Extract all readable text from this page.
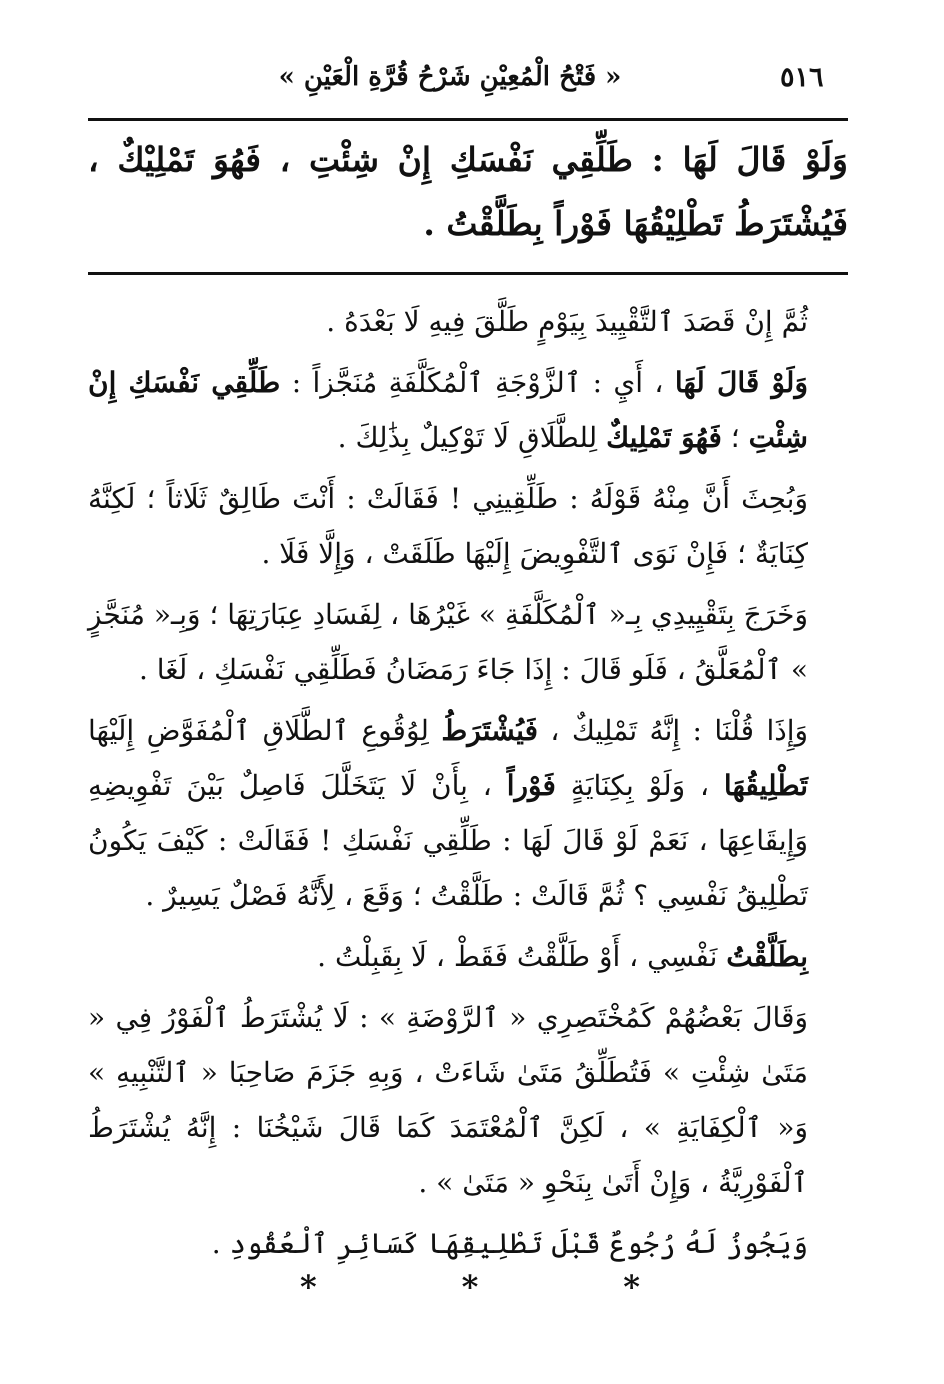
٥١٦
« فَتْحُ الْمُعِيْنِ شَرْحُ قُرَّةِ الْعَيْنِ »
وَلَوْ قَالَ لَهَا : طَلِّقِي نَفْسَكِ إِنْ شِئْتِ ، فَهُوَ تَمْلِيْكٌ ، فَيُشْتَرَطُ تَطْلِيْقُهَا فَوْراً بِطَلَّقْتُ .

ثُمَّ إِنْ قَصَدَ ٱلتَّقْيِيدَ بِيَوْمٍ طَلَّقَ فِيهِ لَا بَعْدَهُ .

وَلَوْ قَالَ لَهَا ، أَيِ : ٱلزَّوْجَةِ ٱلْمُكَلَّفَةِ مُنَجَّزاً : طَلِّقِي نَفْسَكِ إِنْ شِئْتِ ؛ فَهُوَ تَمْلِيكٌ لِلطَّلَاقِ لَا تَوْكِيلٌ بِذَٰلِكَ .

وَبُحِثَ أَنَّ مِنْهُ قَوْلَهُ : طَلِّقِينِي ! فَقَالَتْ : أَنْتَ طَالِقٌ ثَلَاثاً ؛ لَكِنَّهُ كِنَايَةٌ ؛ فَإِنْ نَوَى ٱلتَّفْوِيضَ إِلَيْهَا طَلَقَتْ ، وَإِلَّا فَلَا .

وَخَرَجَ بِتَقْيِيدِي بِـ« ٱلْمُكَلَّفَةِ » غَيْرُهَا ، لِفَسَادِ عِبَارَتِهَا ؛ وَبِـ« مُنَجَّزٍ » ٱلْمُعَلَّقُ ، فَلَو قَالَ : إِذَا جَاءَ رَمَضَانُ فَطَلِّقِي نَفْسَكِ ، لَغَا .

وَإِذَا قُلْنَا : إِنَّهُ تَمْلِيكٌ ، فَيُشْتَرَطُ لِوُقُوعِ ٱلطَّلَاقِ ٱلْمُفَوَّضِ إِلَيْهَا تَطْلِيقُهَا ، وَلَوْ بِكِنَايَةٍ فَوْراً ، بِأَنْ لَا يَتَخَلَّلَ فَاصِلٌ بَيْنَ تَفْوِيضِهِ وَإِيقَاعِهَا ، نَعَمْ لَوْ قَالَ لَهَا : طَلِّقِي نَفْسَكِ ! فَقَالَتْ : كَيْفَ يَكُونُ تَطْلِيقُ نَفْسِي ؟ ثُمَّ قَالَتْ : طَلَّقْتُ ؛ وَقَعَ ، لِأَنَّهُ فَصْلٌ يَسِيرٌ .

بِطَلَّقْتُ نَفْسِي ، أَوْ طَلَّقْتُ فَقَطْ ، لَا بِقَبِلْتُ .

وَقَالَ بَعْضُهُمْ كَمُخْتَصِرِي « ٱلرَّوْضَةِ » : لَا يُشْتَرَطُ ٱلْفَوْرُ فِي « مَتَىٰ شِئْتِ » فَتُطَلِّقُ مَتَىٰ شَاءَتْ ، وَبِهِ جَزَمَ صَاحِبَا « ٱلتَّنْبِيهِ » وَ« ٱلْكِفَايَةِ » ، لَكِنَّ ٱلْمُعْتَمَدَ كَمَا قَالَ شَيْخُنَا : إِنَّهُ يُشْتَرَطُ ٱلْفَوْرِيَّةُ ، وَإِنْ أَتَىٰ بِنَحْوِ « مَتَىٰ » .

وَيَجُوزُ لَهُ رُجُوعٌ قَبْلَ تَطْلِيقِهَا كَسَائِرِ ٱلْعُقُودِ .

*	*	*
